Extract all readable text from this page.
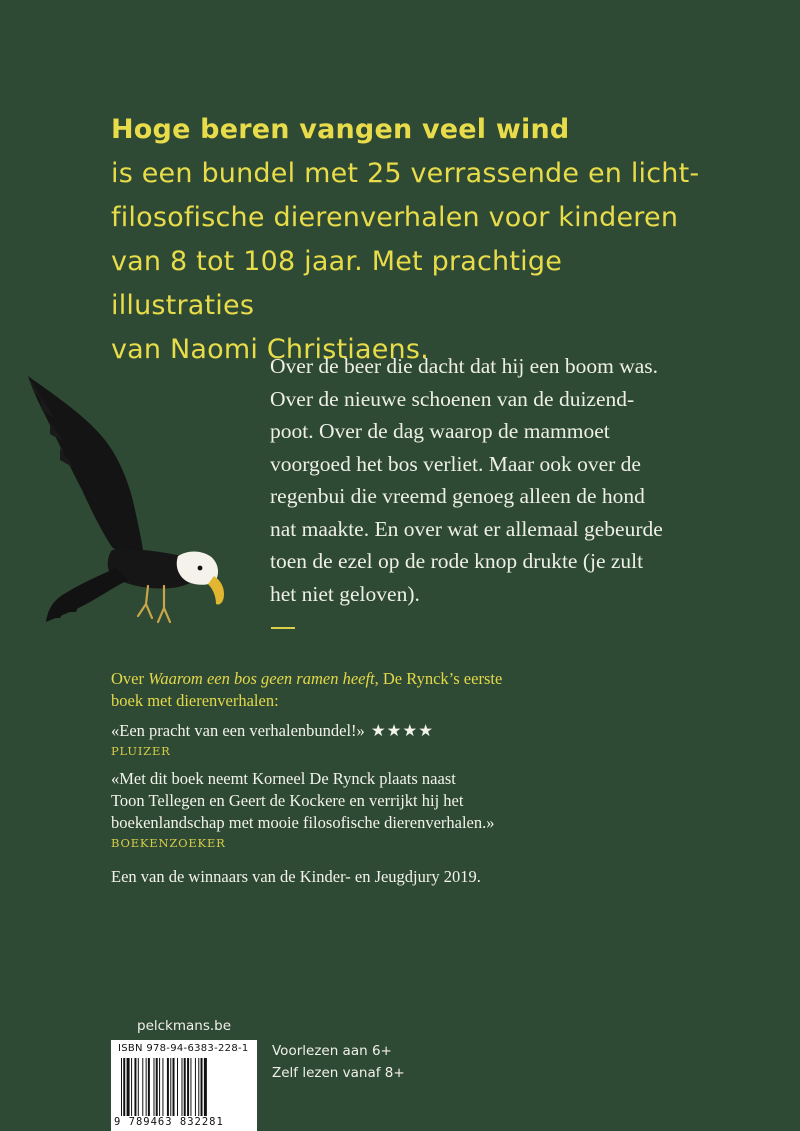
Hoge beren vangen veel wind
is een bundel met 25 verrassende en licht-
filosofische dierenverhalen voor kinderen
van 8 tot 108 jaar. Met prachtige illustraties
van Naomi Christiaens.
Over de beer die dacht dat hij een boom was.
Over de nieuwe schoenen van de duizend-
poot. Over de dag waarop de mammoet
voorgoed het bos verliet. Maar ook over de
regenbui die vreemd genoeg alleen de hond
nat maakte. En over wat er allemaal gebeurde
toen de ezel op de rode knop drukte (je zult
het niet geloven).
Over Waarom een bos geen ramen heeft, De Rynck’s eerste
boek met dierenverhalen:
«Een pracht van een verhalenbundel!» ★★★★
PLUIZER
«Met dit boek neemt Korneel De Rynck plaats naast
Toon Tellegen en Geert de Kockere en verrijkt hij het
boekenlandschap met mooie filosofische dierenverhalen.»
BOEKENZOEKER
Een van de winnaars van de Kinder- en Jeugdjury 2019.
pelckmans.be
ISBN 978-94-6383-228-1
9 789463 832281
Voorlezen aan 6+
Zelf lezen vanaf 8+
